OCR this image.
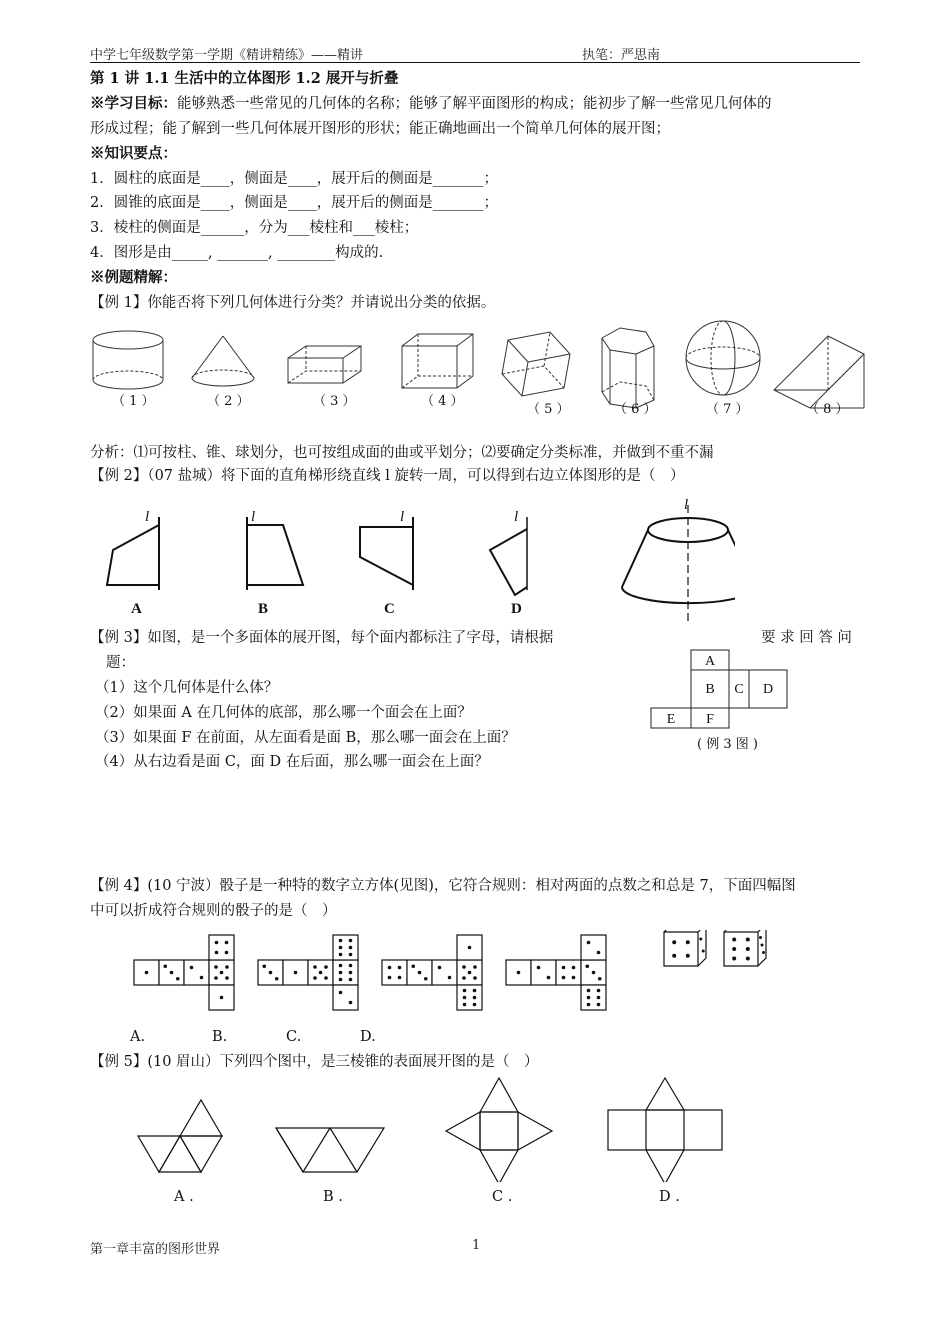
中学七年级数学第一学期《精讲精练》——精讲	执笔：严思南
第 1 讲 1.1 生活中的立体图形 1.2 展开与折叠
※学习目标：能够熟悉一些常见的几何体的名称；能够了解平面图形的构成；能初步了解一些常见几何体的
形成过程；能了解到一些几何体展开图形的形状；能正确地画出一个简单几何体的展开图；
※知识要点：
1．圆柱的底面是____，侧面是____，展开后的侧面是_______；
2．圆锥的底面是____，侧面是____，展开后的侧面是_______；
3．棱柱的侧面是______，分为___棱柱和___棱柱；
4．图形是由_____, _______, ________构成的.
※例题精解：
【例 1】你能否将下列几何体进行分类？并请说出分类的依据。
（ 1 ）	（ 2 ）	（ 3 ）	（ 4 ）
（ 5 ）	（ 6 ）	（ 7 ）	（ 8 ）
分析：⑴可按柱、锥、球划分，也可按组成面的曲或平划分；⑵要确定分类标准，并做到不重不漏
【例 2】（07 盐城）将下面的直角梯形绕直线 l 旋转一周，可以得到右边立体图形的是（　）
l	l	l	l
l
A	B	C	D
【例 3】如图，是一个多面体的展开图，每个面内都标注了字母，请根据	要 求 回 答 问
题：
（1）这个几何体是什么体？
（2）如果面 A 在几何体的底部，那么哪一个面会在上面？
（3）如果面 F 在前面，从左面看是面 B，那么哪一面会在上面？
（4）从右边看是面 C，面 D 在后面，那么哪一面会在上面？
A
B C D
E F
( 例 3 图 )
【例 4】(10 宁波）骰子是一种特的数字立方体(见图)，它符合规则：相对两面的点数之和总是 7，下面四幅图
中可以折成符合规则的骰子的是（　）
A.	B.	C.	D.
【例 5】(10 眉山）下列四个图中，是三棱锥的表面展开图的是（　）
A .	B .	C .	D .
第一章丰富的图形世界	1
